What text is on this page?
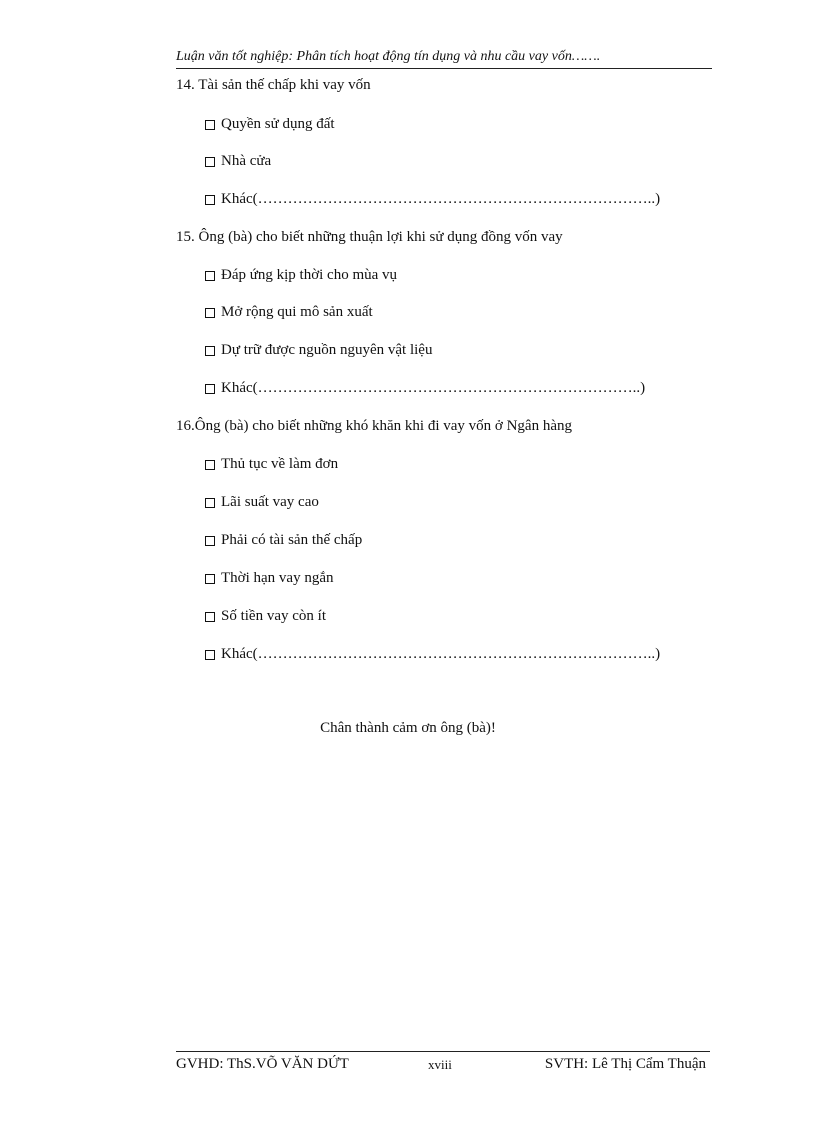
Luận văn tốt nghiệp: Phân tích hoạt động tín dụng và nhu cầu vay vốn…….
14. Tài sản thế chấp khi vay vốn
Quyền sử dụng đất
Nhà cửa
Khác(……………………………………………………………………..)
15. Ông (bà) cho biết những thuận lợi khi sử dụng đồng vốn vay
Đáp ứng kịp thời cho mùa vụ
Mở rộng qui mô sản xuất
Dự trữ được nguồn nguyên vật liệu
Khác(…………………………………………………………………..)
16.Ông (bà) cho biết những khó khăn khi đi vay vốn ở Ngân hàng
Thủ tục về làm đơn
Lãi suất vay cao
Phải có tài sản thế chấp
Thời hạn vay ngắn
Số tiền vay còn ít
Khác(……………………………………………………………………..)
Chân thành cảm ơn ông (bà)!
GVHD: ThS.VÕ VĂN DỨT	xviii	SVTH: Lê Thị Cẩm Thuận
